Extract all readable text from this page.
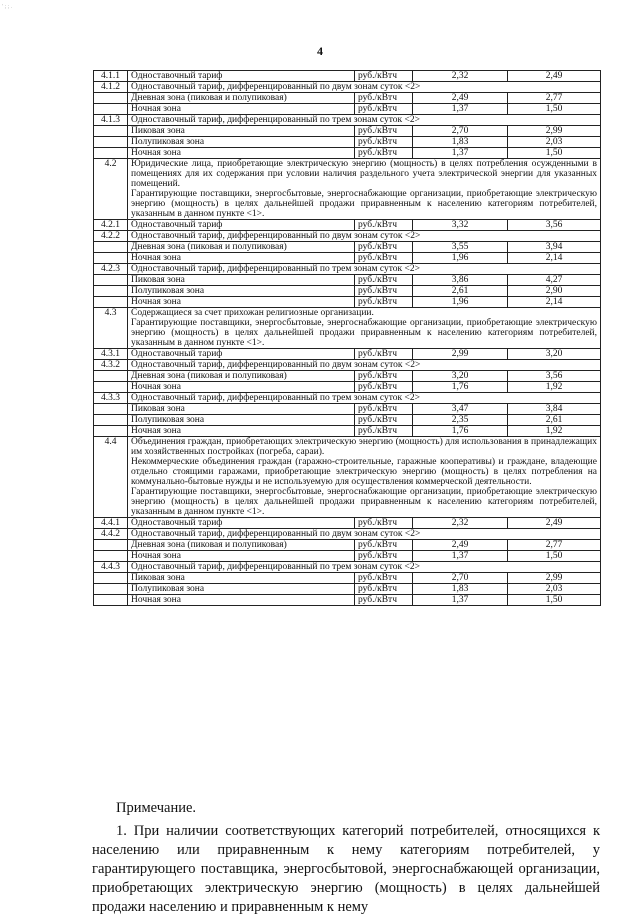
' ; ; .
4
4.1.1	Одноставочный тариф	руб./кВтч	2,32	2,49
4.1.2	Одноставочный тариф, дифференцированный по двум зонам суток <2>			
	Дневная зона (пиковая и полупиковая)	руб./кВтч	2,49	2,77
	Ночная зона	руб./кВтч	1,37	1,50
4.1.3	Одноставочный тариф, дифференцированный по трем зонам суток <2>			
	Пиковая зона	руб./кВтч	2,70	2,99
	Полупиковая зона	руб./кВтч	1,83	2,03
	Ночная зона	руб./кВтч	1,37	1,50
4.2	Юридические лица, приобретающие электрическую энергию (мощность) в целях потребления осужденными в помещениях для их содержания при условии наличия раздельного учета электрической энергии для указанных помещений.
Гарантирующие поставщики, энергосбытовые, энергоснабжающие организации, приобретающие электрическую энергию (мощность) в целях дальнейшей продажи приравненным к населению категориям потребителей, указанным в данном пункте <1>.			

4.2.1	Одноставочный тариф	руб./кВтч	3,32	3,56
4.2.2	Одноставочный тариф, дифференцированный по двум зонам суток <2>			
	Дневная зона (пиковая и полупиковая)	руб./кВтч	3,55	3,94
	Ночная зона	руб./кВтч	1,96	2,14
4.2.3	Одноставочный тариф, дифференцированный по трем зонам суток <2>			
	Пиковая зона	руб./кВтч	3,86	4,27
	Полупиковая зона	руб./кВтч	2,61	2,90
	Ночная зона	руб./кВтч	1,96	2,14
4.3	Содержащиеся за счет прихожан религиозные организации.
Гарантирующие поставщики, энергосбытовые, энергоснабжающие организации, приобретающие электрическую энергию (мощность) в целях дальнейшей продажи приравненным к населению категориям потребителей, указанным в данном пункте <1>.			

4.3.1	Одноставочный тариф	руб./кВтч	2,99	3,20
4.3.2	Одноставочный тариф, дифференцированный по двум зонам суток <2>			
	Дневная зона (пиковая и полупиковая)	руб./кВтч	3,20	3,56
	Ночная зона	руб./кВтч	1,76	1,92
4.3.3	Одноставочный тариф, дифференцированный по трем зонам суток <2>			
	Пиковая зона	руб./кВтч	3,47	3,84
	Полупиковая зона	руб./кВтч	2,35	2,61
	Ночная зона	руб./кВтч	1,76	1,92
4.4	Объединения граждан, приобретающих электрическую энергию (мощность) для использования в принадлежащих им хозяйственных постройках (погреба, сараи).
Некоммерческие объединения граждан (гаражно-строительные, гаражные кооперативы) и граждане, владеющие отдельно стоящими гаражами, приобретающие электрическую энергию (мощность) в целях потребления на коммунально-бытовые нужды и не используемую для осуществления коммерческой деятельности.
Гарантирующие поставщики, энергосбытовые, энергоснабжающие организации, приобретающие электрическую энергию (мощность) в целях дальнейшей продажи приравненным к населению категориям потребителей, указанным в данном пункте <1>.			

4.4.1	Одноставочный тариф	руб./кВтч	2,32	2,49
4.4.2	Одноставочный тариф, дифференцированный по двум зонам суток <2>			
	Дневная зона (пиковая и полупиковая)	руб./кВтч	2,49	2,77
	Ночная зона	руб./кВтч	1,37	1,50
4.4.3	Одноставочный тариф, дифференцированный по трем зонам суток <2>			
	Пиковая зона	руб./кВтч	2,70	2,99
	Полупиковая зона	руб./кВтч	1,83	2,03
	Ночная зона	руб./кВтч	1,37	1,50

Примечание.

1. При наличии соответствующих категорий потребителей, относящихся к населению или приравненным к нему категориям потребителей, у гарантирующего поставщика, энергосбытовой, энергоснабжающей организации, приобретающих электрическую энергию (мощность) в целях дальнейшей продажи населению и приравненным к нему
